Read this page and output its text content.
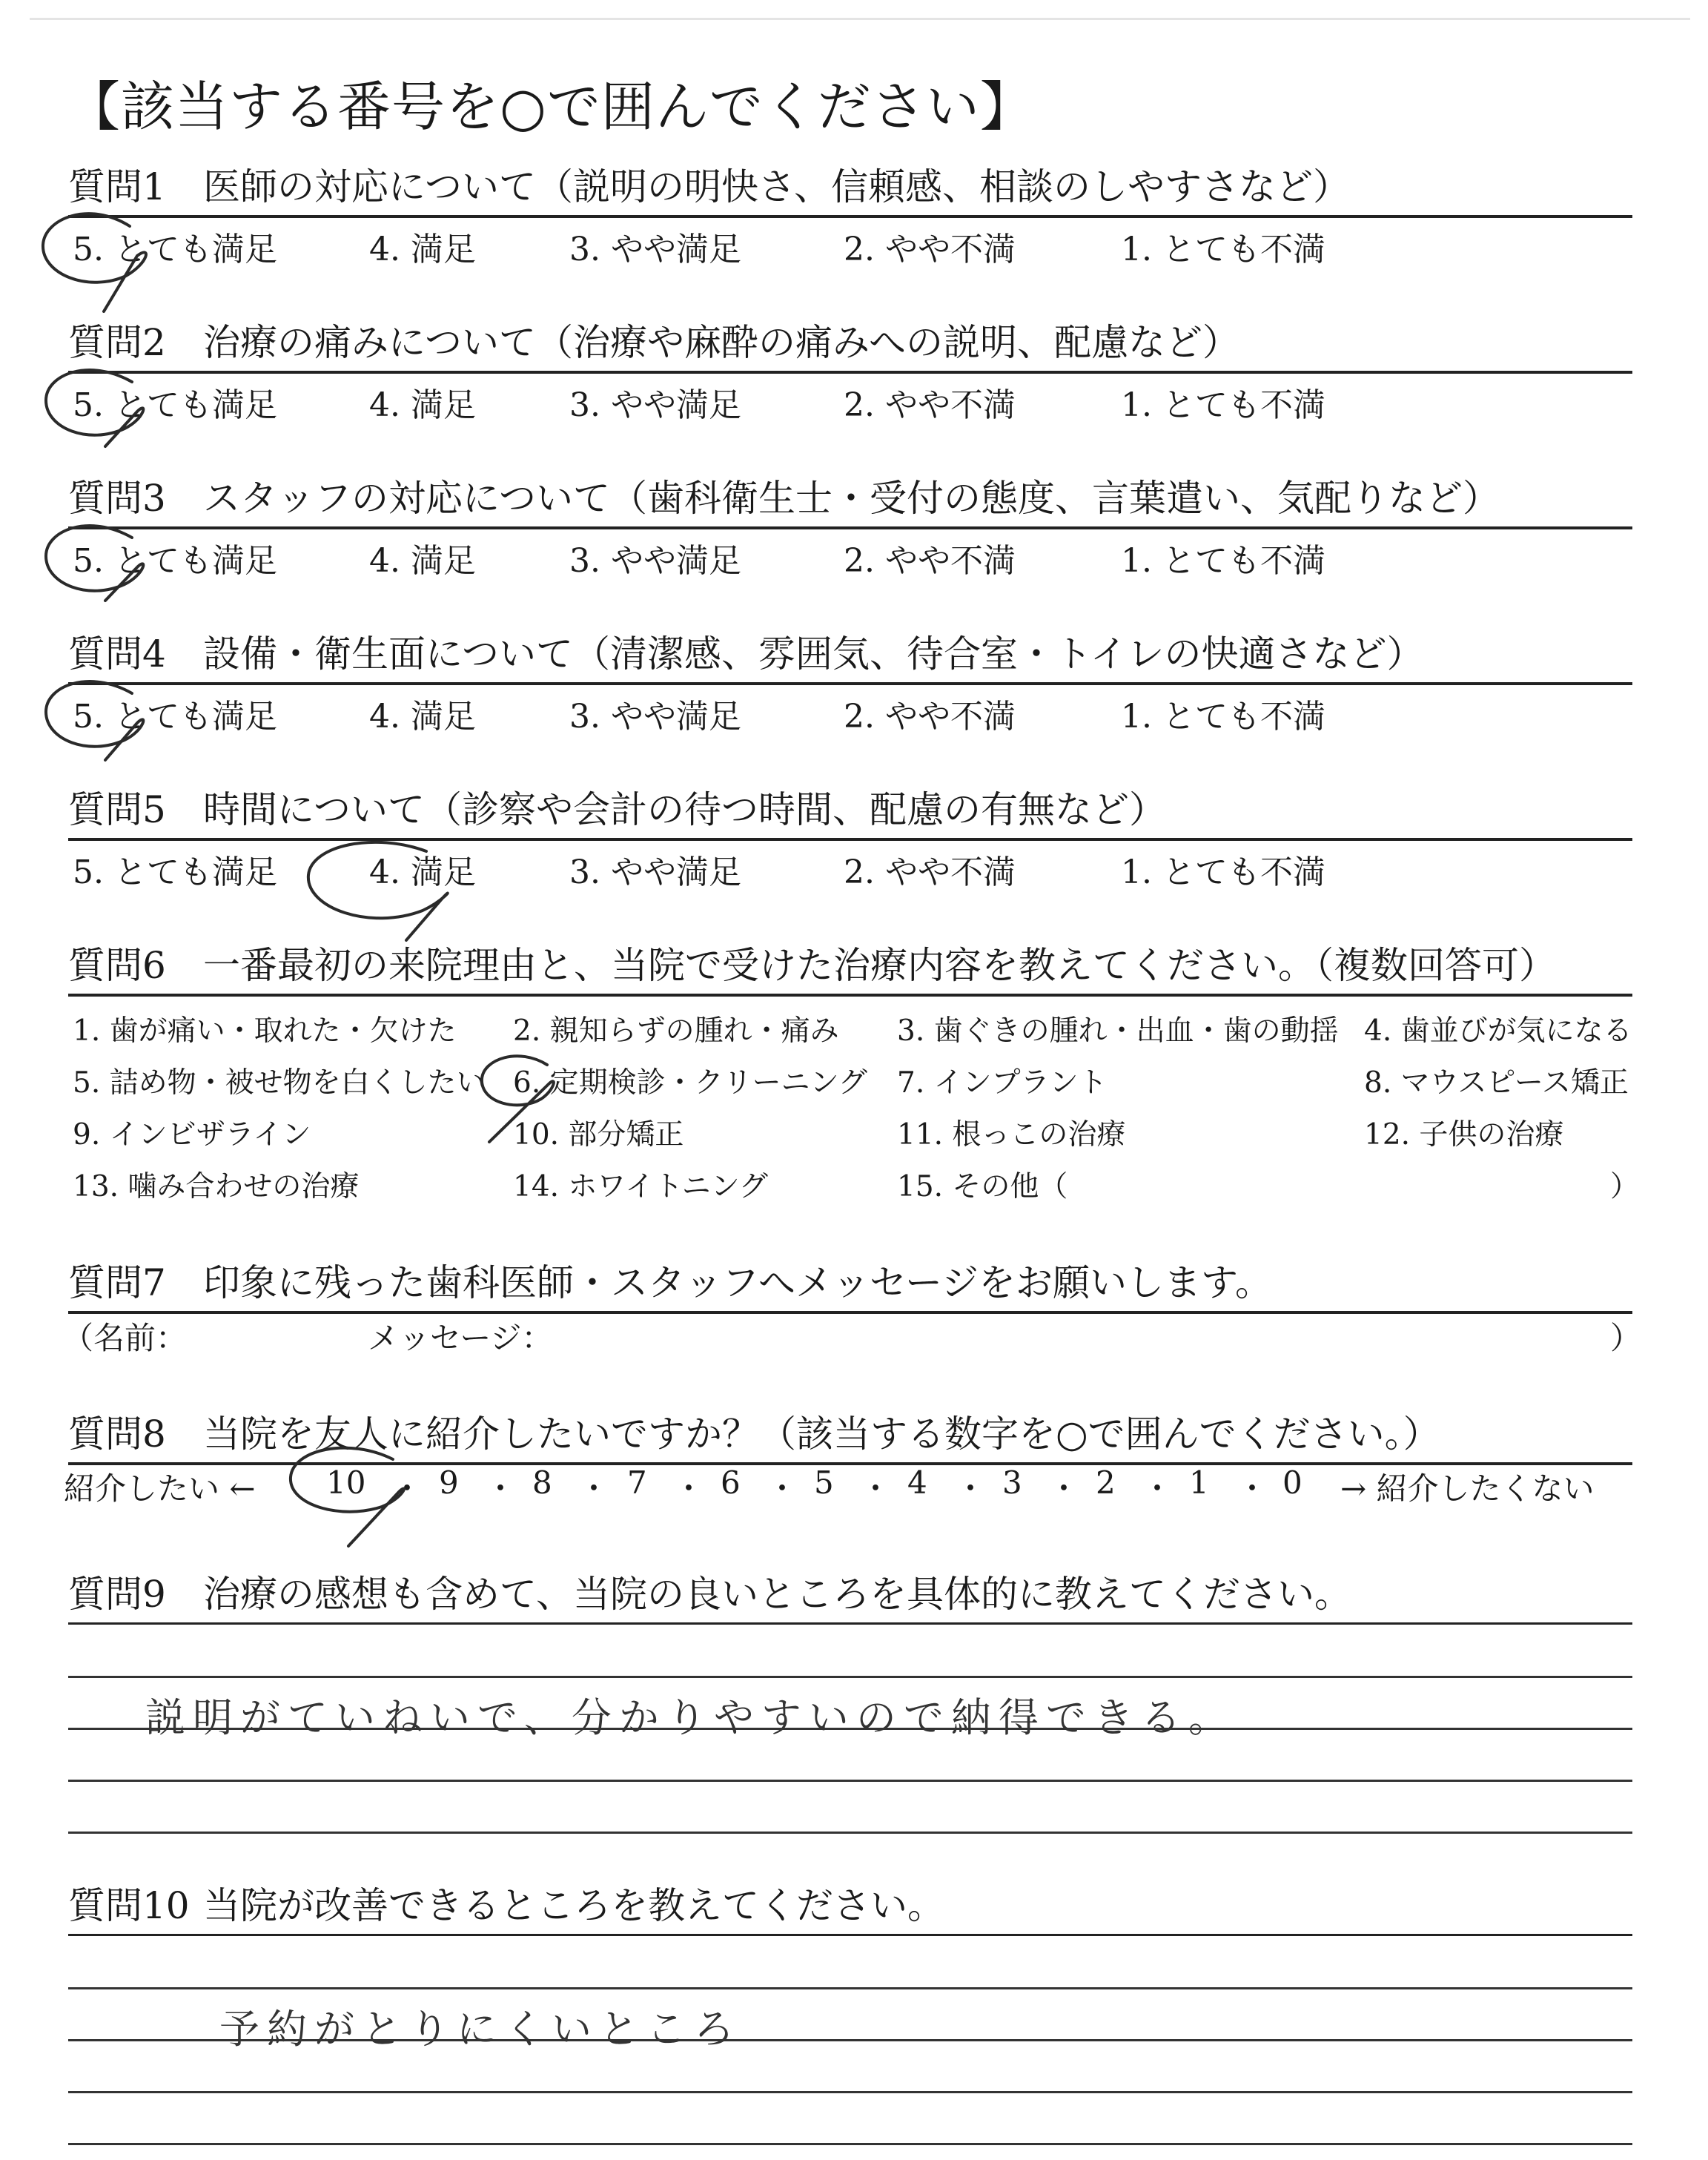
【該当する番号を○で囲んでください】
質問1 医師の対応について（説明の明快さ、信頼感、相談のしやすさなど）
5. とても満足	4. 満足	3. やや満足	2. やや不満	1. とても不満
質問2 治療の痛みについて（治療や麻酔の痛みへの説明、配慮など）
5. とても満足	4. 満足	3. やや満足	2. やや不満	1. とても不満
質問3 スタッフの対応について（歯科衛生士・受付の態度、言葉遣い、気配りなど）
5. とても満足	4. 満足	3. やや満足	2. やや不満	1. とても不満
質問4 設備・衛生面について（清潔感、雰囲気、待合室・トイレの快適さなど）
5. とても満足	4. 満足	3. やや満足	2. やや不満	1. とても不満
質問5 時間について（診察や会計の待つ時間、配慮の有無など）
5. とても満足	4. 満足	3. やや満足	2. やや不満	1. とても不満
質問6 一番最初の来院理由と、当院で受けた治療内容を教えてください。（複数回答可）
1. 歯が痛い・取れた・欠けた 2. 親知らずの腫れ・痛み 3. 歯ぐきの腫れ・出血・歯の動揺 4. 歯並びが気になる
5. 詰め物・被せ物を白くしたい 6. 定期検診・クリーニング 7. インプラント	8. マウスピース矯正
9. インビザライン	10. 部分矯正	11. 根っこの治療	12. 子供の治療
13. 噛み合わせの治療	14. ホワイトニング	15. その他（	）
質問7 印象に残った歯科医師・スタッフへメッセージをお願いします。
（名前：	メッセージ：	）
質問8 当院を友人に紹介したいですか？（該当する数字を○で囲んでください。）
紹介したい ← 10 ・ 9 ・ 8 ・ 7 ・ 6 ・ 5 ・ 4 ・ 3 ・ 2 ・ 1 ・ 0 → 紹介したくない
質問9 治療の感想も含めて、当院の良いところを具体的に教えてください。
説明がていねいで、分かりやすいので納得できる。
質問10 当院が改善できるところを教えてください。
予約がとりにくいところ
